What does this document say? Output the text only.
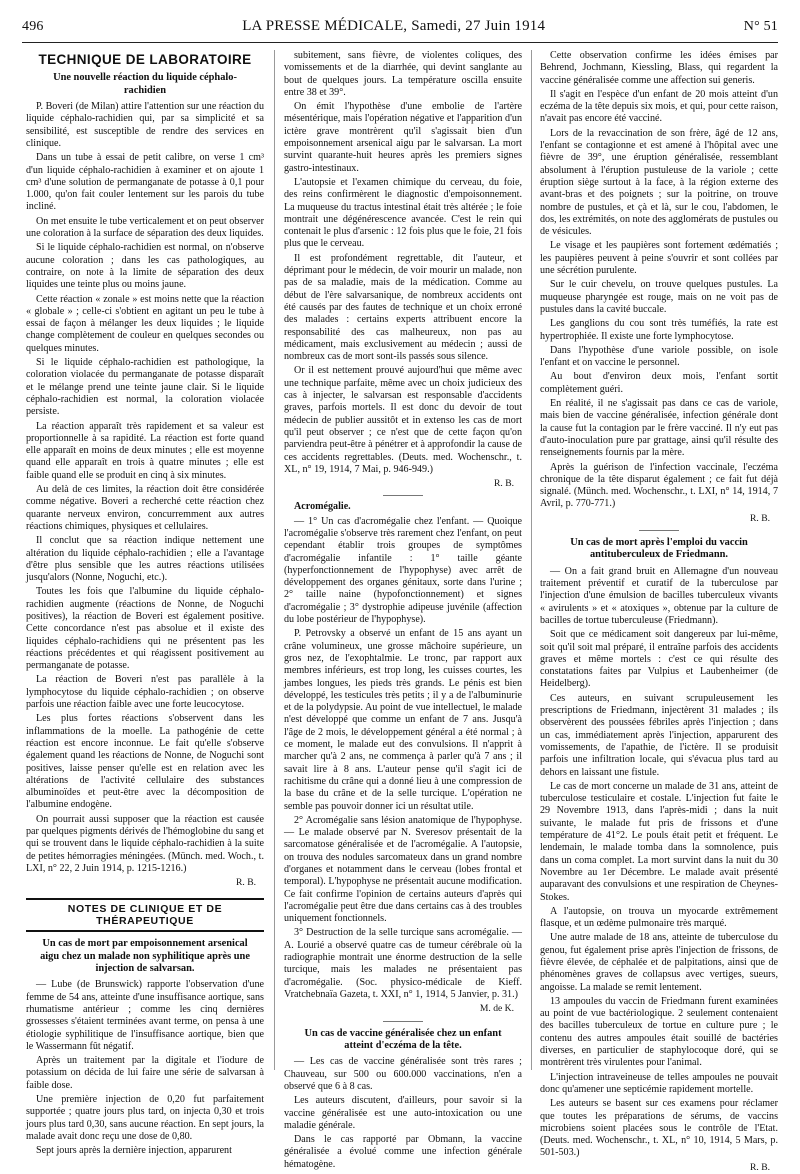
496	LA PRESSE MÉDICALE, Samedi, 27 Juin 1914	N° 51
TECHNIQUE DE LABORATOIRE
Une nouvelle réaction du liquide céphalo-rachidien

P. Boveri (de Milan) attire l'attention sur une réaction du liquide céphalo-rachidien qui, par sa simplicité et sa sensibilité, est susceptible de rendre des services en clinique.

Dans un tube à essai de petit calibre, on verse 1 cm³ d'un liquide céphalo-rachidien à examiner et on ajoute 1 cm³ d'une solution de permanganate de potasse à 0,1 pour 1.000, qu'on fait couler lentement sur les parois du tube incliné.

On met ensuite le tube verticalement et on peut observer une coloration à la surface de séparation des deux liquides.

Si le liquide céphalo-rachidien est normal, on n'observe aucune coloration ; dans les cas pathologiques, au contraire, on note à la limite de séparation des deux liquides une teinte plus ou moins jaune.

Cette réaction « zonale » est moins nette que la réaction « globale » ; celle-ci s'obtient en agitant un peu le tube à essai de façon à mélanger les deux liquides ; le liquide change complètement de couleur en quelques secondes ou quelques minutes.

Si le liquide céphalo-rachidien est pathologique, la coloration violacée du permanganate de potasse disparaît et le mélange prend une teinte jaune clair. Si le liquide céphalo-rachidien est normal, la coloration violacée persiste.

La réaction apparaît très rapidement et sa valeur est proportionnelle à sa rapidité. La réaction est forte quand elle apparaît en moins de deux minutes ; elle est moyenne quand elle apparaît en trois à quatre minutes ; elle est faible quand elle se produit en cinq à six minutes.

Au delà de ces limites, la réaction doit être considérée comme négative. Boveri a recherché cette réaction chez quarante nerveux environ, concurremment aux autres réactions chimiques, physiques et cellulaires.

Il conclut que sa réaction indique nettement une altération du liquide céphalo-rachidien ; elle a l'avantage d'être plus sensible que les autres réactions utilisées jusqu'alors (Nonne, Noguchi, etc.).

Toutes les fois que l'albumine du liquide céphalo-rachidien augmente (réactions de Nonne, de Noguchi positives), la réaction de Boveri est également positive. Cette concordance n'est pas absolue et il existe des liquides céphalo-rachidiens qui ne présentent pas les réactions précédentes et qui réagissent positivement au permanganate de potasse.

La réaction de Boveri n'est pas parallèle à la lymphocytose du liquide céphalo-rachidien ; on observe parfois une réaction faible avec une forte leucocytose.

Les plus fortes réactions s'observent dans les inflammations de la moelle. La pathogénie de cette réaction est encore inconnue. Le fait qu'elle s'observe également quand les réactions de Nonne, de Noguchi sont positives, laisse penser qu'elle est en relation avec les altérations de l'activité cellulaire des substances albuminoïdes et peut-être avec la décomposition de l'albumine endogène.

On pourrait aussi supposer que la réaction est causée par quelques pigments dérivés de l'hémoglobine du sang et qui se trouvent dans le liquide céphalo-rachidien à la suite de petites hémorragies méningées. (Münch. med. Woch., t. LXI, n° 22, 2 Juin 1914, p. 1215-1216.)

R. B.
NOTES DE CLINIQUE ET DE THÉRAPEUTIQUE
Un cas de mort par empoisonnement arsenical aigu chez un malade non syphilitique après une injection de salvarsan.

— Lube (de Brunswick) rapporte l'observation d'une femme de 54 ans, atteinte d'une insuffisance aortique, sans rhumatisme antérieur ; comme les cinq dernières grossesses s'étaient terminées avant terme, on pensa à une étiologie syphilitique de l'insuffisance aortique, bien que le Wassermann fût négatif.

Après un traitement par la digitale et l'iodure de potassium on décida de lui faire une série de salvarsan à faible dose.

Une première injection de 0,20 fut parfaitement supportée ; quatre jours plus tard, on injecta 0,30 et trois jours plus tard 0,30, sans aucune réaction. En sept jours, la malade avait donc reçu une dose de 0,80.

Sept jours après la dernière injection, apparurent

subitement, sans fièvre, de violentes coliques, des vomissements et de la diarrhée, qui devint sanglante au bout de quelques jours. La température oscilla ensuite entre 38 et 39°.

On émit l'hypothèse d'une embolie de l'artère mésentérique, mais l'opération négative et l'apparition d'un ictère grave montrèrent qu'il s'agissait bien d'un empoisonnement arsenical aigu par le salvarsan. La mort survint quarante-huit heures après les premiers signes gastro-intestinaux.

L'autopsie et l'examen chimique du cerveau, du foie, des reins confirmèrent le diagnostic d'empoisonnement. La muqueuse du tractus intestinal était très altérée ; le foie montrait une dégénérescence avancée. C'est le rein qui contenait le plus d'arsenic : 12 fois plus que le foie, 21 fois plus que le cerveau.

Il est profondément regrettable, dit l'auteur, et déprimant pour le médecin, de voir mourir un malade, non pas de sa maladie, mais de la médication. Comme au début de l'ère salvarsanique, de nombreux accidents ont été causés par des fautes de technique et un choix erroné des malades : certains experts attribuent encore la responsabilité des cas malheureux, non pas au médicament, mais exclusivement au médecin ; aussi de nombreux cas de mort sont-ils passés sous silence.

Or il est nettement prouvé aujourd'hui que même avec une technique parfaite, même avec un choix judicieux des cas à injecter, le salvarsan est responsable d'accidents graves, parfois mortels. Il est donc du devoir de tout médecin de publier aussitôt et in extenso les cas de mort qu'il peut observer ; ce n'est que de cette façon qu'on parviendra peut-être à pénétrer et à approfondir la cause de ces accidents regrettables. (Deuts. med. Wochenschr., t. XL, n° 19, 1914, 7 Mai, p. 946-949.)

R. B.

Acromégalie.

— 1° Un cas d'acromégalie chez l'enfant. — Quoique l'acromégalie s'observe très rarement chez l'enfant, on peut cependant établir trois groupes de symptômes d'acromégalie infantile : 1° taille géante (hyperfonctionnement de l'hypophyse) avec arrêt de développement des organes génitaux, sorte dans l'urine ; 2° taille naine (hypofonctionnement) et signes d'acromégalie ; 3° dystrophie adipeuse juvénile (affection du lobe postérieur de l'hypophyse).

P. Petrovsky a observé un enfant de 15 ans ayant un crâne volumineux, une grosse mâchoire supérieure, un gros nez, de l'exophtalmie. Le tronc, par rapport aux membres inférieurs, est trop long, les cuisses courtes, les jambes longues, les pieds très grands. Le pénis est bien développé, les testicules très petits ; il y a de l'albuminurie et de la polydypsie. Au point de vue intellectuel, le malade n'est développé que comme un enfant de 7 ans. Jusqu'à l'âge de 2 mois, le développement général a été normal ; à ce moment, le malade eut des convulsions. Il n'apprit à marcher qu'à 2 ans, ne commença à parler qu'à 7 ans ; il savait lire à 8 ans. L'auteur pense qu'il s'agit ici de rachitisme du crâne qui a donné lieu à une compression de la base du crâne et de la selle turcique. L'opération ne semble pas pouvoir donner ici un résultat utile.

2° Acromégalie sans lésion anatomique de l'hypophyse. — Le malade observé par N. Sveresov présentait de la sarcomatose généralisée et de l'acromégalie. A l'autopsie, on trouva des nodules sarcomateux dans un grand nombre d'organes et notamment dans le cerveau (lobes frontal et temporal). L'hypophyse ne présentait aucune modification. Ce fait confirme l'opinion de certains auteurs d'après qui l'acromégalie peut être due dans certains cas à des troubles uniquement fonctionnels.

3° Destruction de la selle turcique sans acromégalie. — A. Lourié a observé quatre cas de tumeur cérébrale où la radiographie montrait une énorme destruction de la selle turcique, mais les malades ne présentaient pas d'acromégalie. (Soc. physico-médicale de Kieff. Vratchebnaïa Gazeta, t. XXI, n° 1, 1914, 5 Janvier, p. 31.)

M. de K.
Un cas de vaccine généralisée chez un enfant atteint d'eczéma de la tête.

— Les cas de vaccine généralisée sont très rares ; Chauveau, sur 500 ou 600.000 vaccinations, n'en a observé que 6 à 8 cas.

Les auteurs discutent, d'ailleurs, pour savoir si la vaccine généralisée est une auto-intoxication ou une maladie générale.

Dans le cas rapporté par Obmann, la vaccine généralisée a évolué comme une infection générale hématogène.

Cette observation confirme les idées émises par Behrend, Jochmann, Kiessling, Blass, qui regardent la vaccine généralisée comme une affection sui generis.

Il s'agit en l'espèce d'un enfant de 20 mois atteint d'un eczéma de la tête depuis six mois, et qui, pour cette raison, n'avait pas encore été vacciné.

Lors de la revaccination de son frère, âgé de 12 ans, l'enfant se contagionne et est amené à l'hôpital avec une fièvre de 39°, une éruption généralisée, ressemblant absolument à l'éruption pustuleuse de la variole ; cette éruption siège surtout à la face, à la région externe des avant-bras et des poignets ; sur la poitrine, on trouve nombre de pustules, et çà et là, sur le cou, l'abdomen, le dos, les extrémités, on note des agglomérats de pustules ou de vésicules.

Le visage et les paupières sont fortement œdématiés ; les paupières peuvent à peine s'ouvrir et sont collées par une sécrétion purulente.

Sur le cuir chevelu, on trouve quelques pustules. La muqueuse pharyngée est rouge, mais on ne voit pas de pustules dans la cavité buccale.

Les ganglions du cou sont très tuméfiés, la rate est hypertrophiée. Il existe une forte lymphocytose.

Dans l'hypothèse d'une variole possible, on isole l'enfant et on vaccine le personnel.

Au bout d'environ deux mois, l'enfant sortit complètement guéri.

En réalité, il ne s'agissait pas dans ce cas de variole, mais bien de vaccine généralisée, infection générale dont la cause fut la contagion par le frère vacciné. Il n'y eut pas d'auto-inoculation pure par grattage, ainsi qu'il résulte des renseignements fournis par la mère.

Après la guérison de l'infection vaccinale, l'eczéma chronique de la tête disparut également ; ce fait fut déjà signalé. (Münch. med. Wochenschr., t. LXI, n° 14, 1914, 7 Avril, p. 770-771.)

R. B.
Un cas de mort après l'emploi du vaccin antituberculeux de Friedmann.

— On a fait grand bruit en Allemagne d'un nouveau traitement préventif et curatif de la tuberculose par l'injection d'une émulsion de bacilles tuberculeux vivants « avirulents » et « atoxiques », obtenue par la culture de bacilles de tortue tuberculeuse (Friedmann).

Soit que ce médicament soit dangereux par lui-même, soit qu'il soit mal préparé, il entraîne parfois des accidents graves et même mortels : c'est ce qui résulte des constatations faites par Vulpius et Laubenheimer (de Heidelberg).

Ces auteurs, en suivant scrupuleusement les prescriptions de Friedmann, injectèrent 31 malades ; ils observèrent des poussées fébriles après l'injection ; dans un cas, immédiatement après l'injection, apparurent des vomissements, de l'apathie, de l'ictère. Il se produisit parfois une infiltration locale, qui s'évacua plus tard au dehors en laissant une fistule.

Le cas de mort concerne un malade de 31 ans, atteint de tuberculose testiculaire et costale. L'injection fut faite le 29 Novembre 1913, dans l'après-midi ; dans la nuit suivante, le malade fut pris de frissons et d'une température de 41°2. Le pouls était petit et fréquent. Le lendemain, le malade tomba dans la somnolence, puis dans un coma complet. La mort survint dans la nuit du 30 Novembre au 1er Décembre. Le malade avait présenté auparavant des convulsions et une respiration de Cheynes-Stokes.

A l'autopsie, on trouva un myocarde extrêmement flasque, et un œdème pulmonaire très marqué.

Une autre malade de 18 ans, atteinte de tuberculose du genou, fut également prise après l'injection de frissons, de fièvre élevée, de céphalée et de palpitations, ainsi que de phénomènes graves de collapsus avec vertiges, sueurs, angoisse. La malade se remit lentement.

13 ampoules du vaccin de Friedmann furent examinées au point de vue bactériologique. 2 seulement contenaient des bacilles tuberculeux de tortue en culture pure ; le contenu des autres ampoules était souillé de bactéries diverses, en particulier de staphylocoque doré, qui se montrèrent très virulentes pour l'animal.

L'injection intraveineuse de telles ampoules ne pouvait donc qu'amener une septicémie rapidement mortelle.

Les auteurs se basent sur ces examens pour réclamer que toutes les préparations de sérums, de vaccins microbiens soient placées sous le contrôle de l'Etat. (Deuts. med. Wochenschr., t. XL, n° 10, 1914, 5 Mars, p. 501-503.)

R. B.
